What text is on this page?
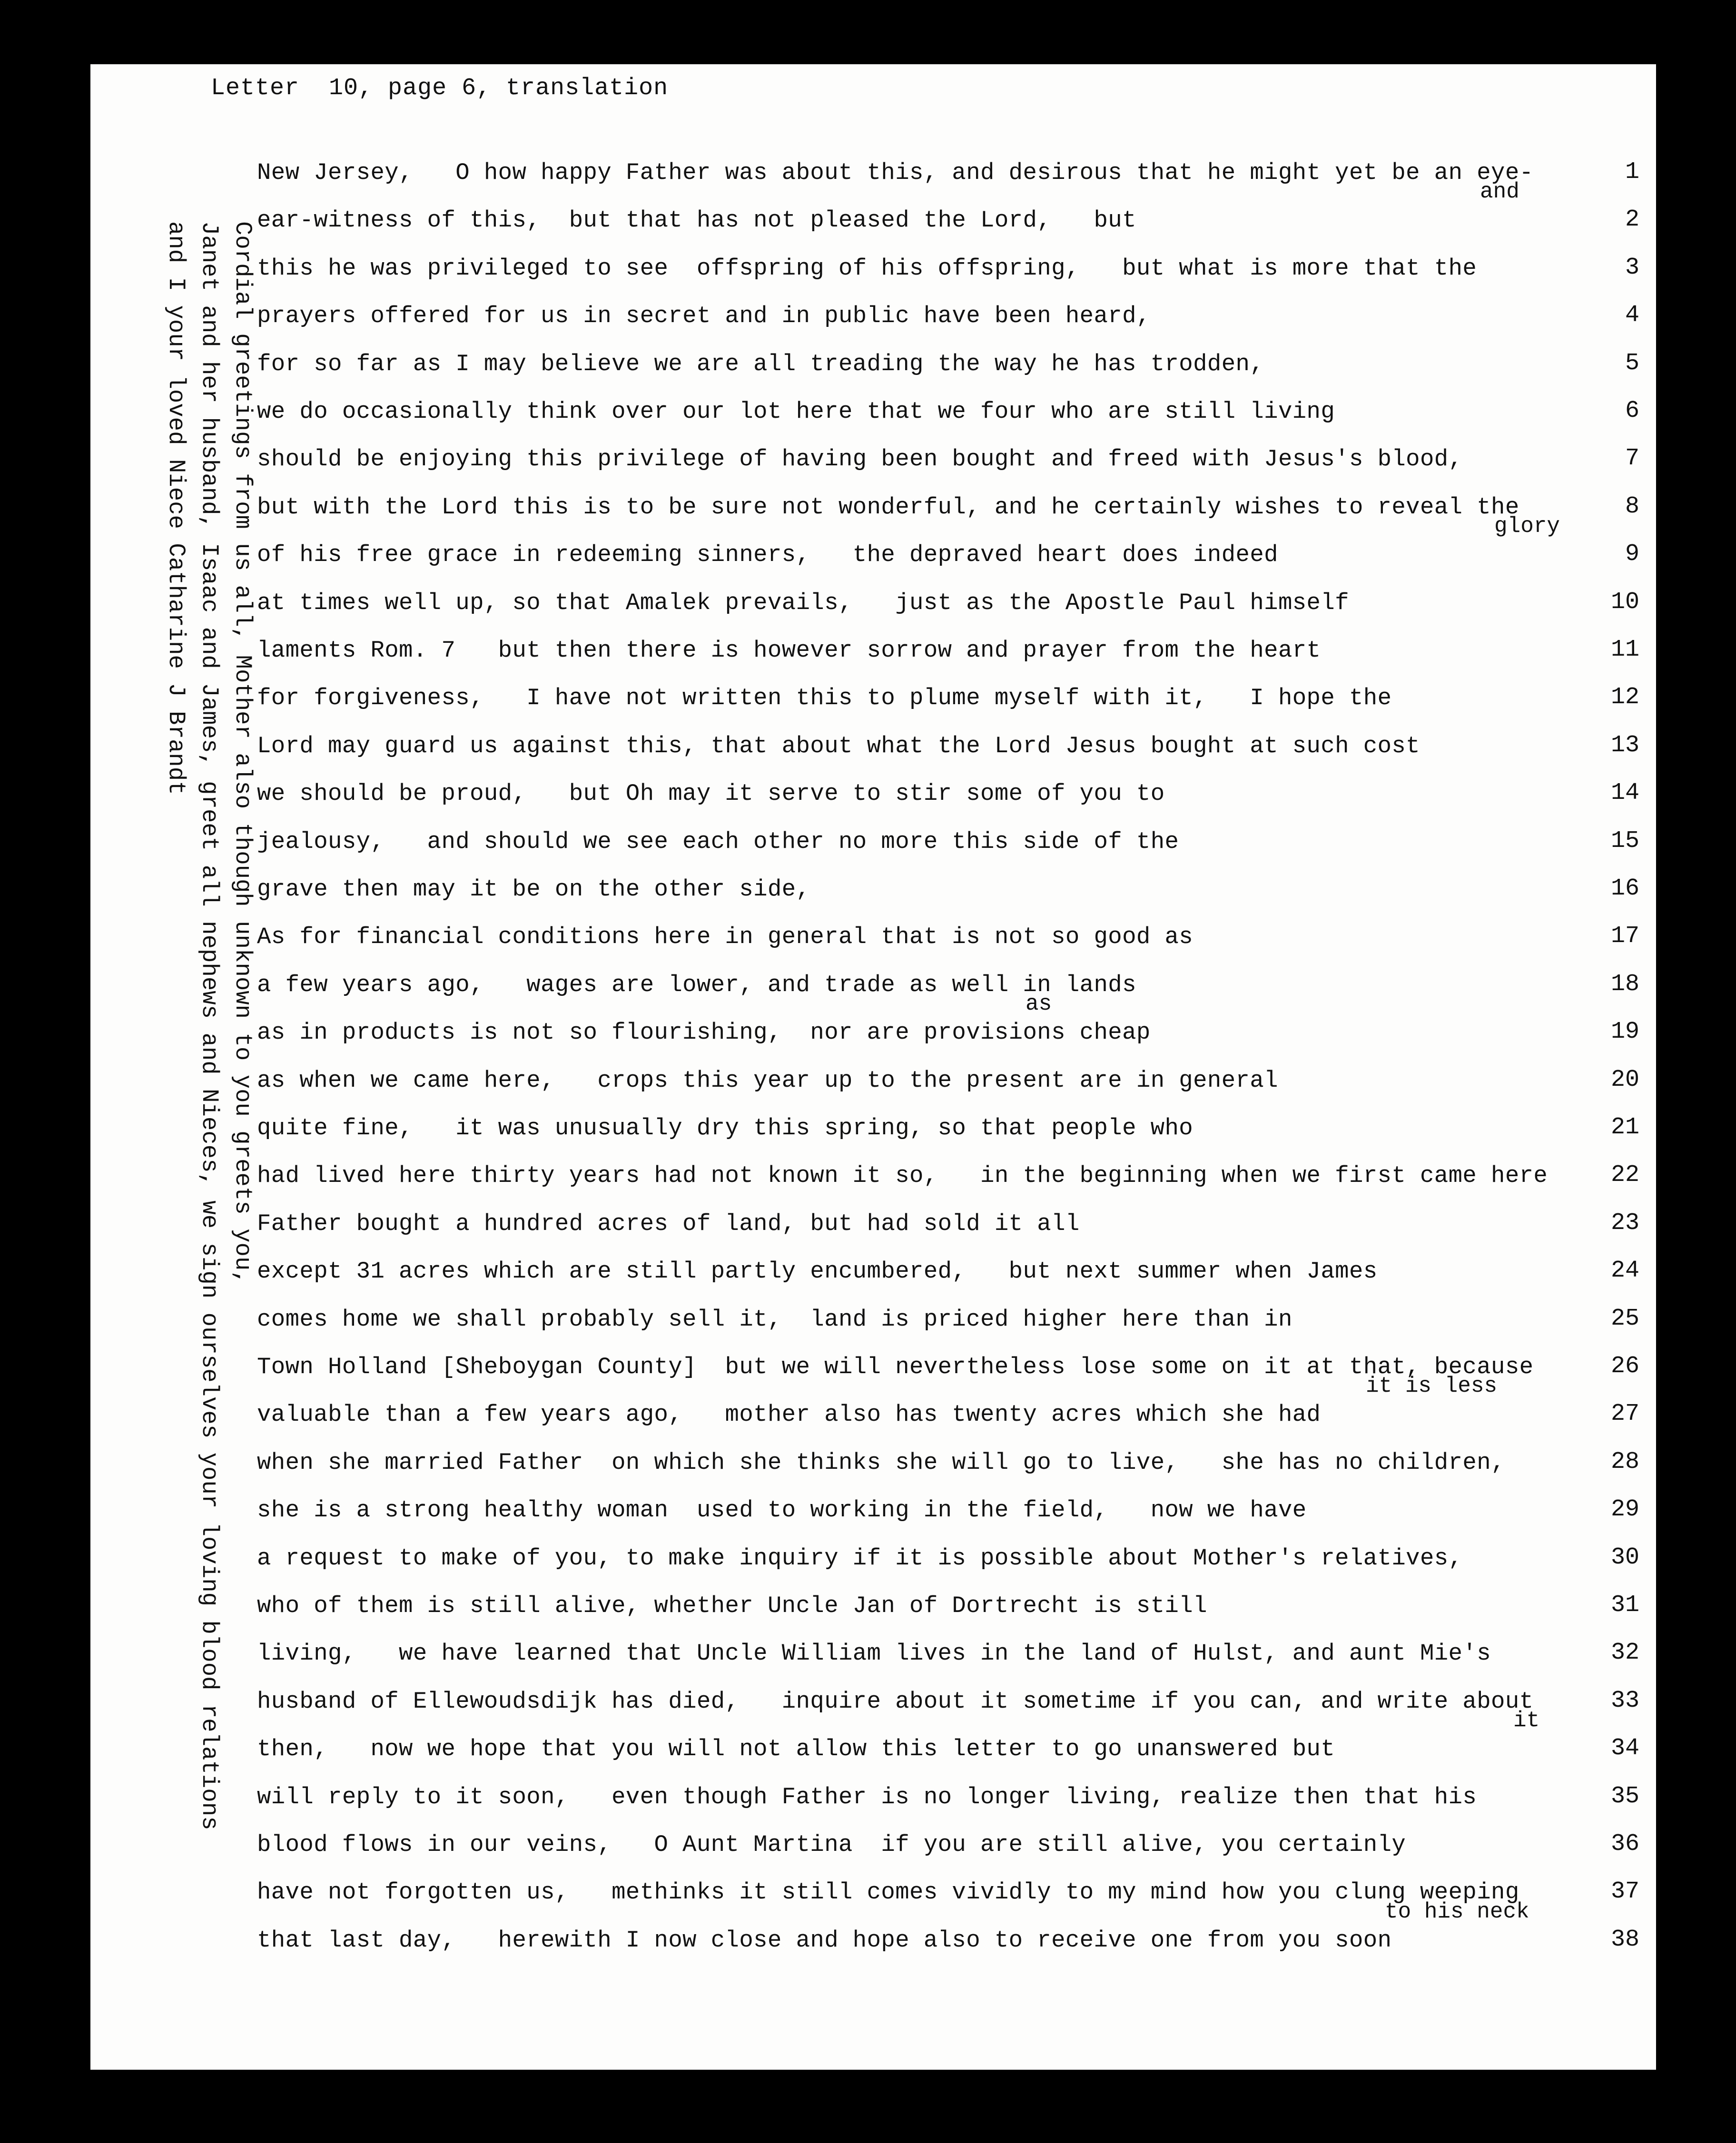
Letter  10, page 6, translation
Cordial greetings from us all, Mother also though unknown to you greets you,
Janet and her husband, Isaac and James, greet all nephews and Nieces, we sign ourselves your loving blood relations
and I your loved Niece Catharine J Brandt
New Jersey,   O how happy Father was about this, and desirous that he might yet be an eye-	1
ear-witness of this,  but that has not pleased the Lord,   but	2
and
this he was privileged to see  offspring of his offspring,   but what is more that the	3
prayers offered for us in secret and in public have been heard,	4
for so far as I may believe we are all treading the way he has trodden,	5
we do occasionally think over our lot here that we four who are still living	6
should be enjoying this privilege of having been bought and freed with Jesus's blood,	7
but with the Lord this is to be sure not wonderful, and he certainly wishes to reveal the	8
of his free grace in redeeming sinners,   the depraved heart does indeed	9
glory
at times well up, so that Amalek prevails,   just as the Apostle Paul himself	10
laments Rom. 7   but then there is however sorrow and prayer from the heart	11
for forgiveness,   I have not written this to plume myself with it,   I hope the	12
Lord may guard us against this, that about what the Lord Jesus bought at such cost	13
we should be proud,   but Oh may it serve to stir some of you to	14
jealousy,   and should we see each other no more this side of the	15
grave then may it be on the other side,	16
As for financial conditions here in general that is not so good as	17
a few years ago,   wages are lower, and trade as well in lands	18
as in products is not so flourishing,  nor are provisions cheap	19
as
as when we came here,   crops this year up to the present are in general	20
quite fine,   it was unusually dry this spring, so that people who	21
had lived here thirty years had not known it so,   in the beginning when we first came here	22
Father bought a hundred acres of land, but had sold it all	23
except 31 acres which are still partly encumbered,   but next summer when James	24
comes home we shall probably sell it,  land is priced higher here than in	25
Town Holland [Sheboygan County]  but we will nevertheless lose some on it at that, because	26
valuable than a few years ago,   mother also has twenty acres which she had	27
it is less
when she married Father  on which she thinks she will go to live,   she has no children,	28
she is a strong healthy woman  used to working in the field,   now we have	29
a request to make of you, to make inquiry if it is possible about Mother's relatives,	30
who of them is still alive, whether Uncle Jan of Dortrecht is still	31
living,   we have learned that Uncle William lives in the land of Hulst, and aunt Mie's	32
husband of Ellewoudsdijk has died,   inquire about it sometime if you can, and write about	33
then,   now we hope that you will not allow this letter to go unanswered but	34
it
will reply to it soon,   even though Father is no longer living, realize then that his	35
blood flows in our veins,   O Aunt Martina  if you are still alive, you certainly	36
have not forgotten us,   methinks it still comes vividly to my mind how you clung weeping	37
that last day,   herewith I now close and hope also to receive one from you soon	38
to his neck
